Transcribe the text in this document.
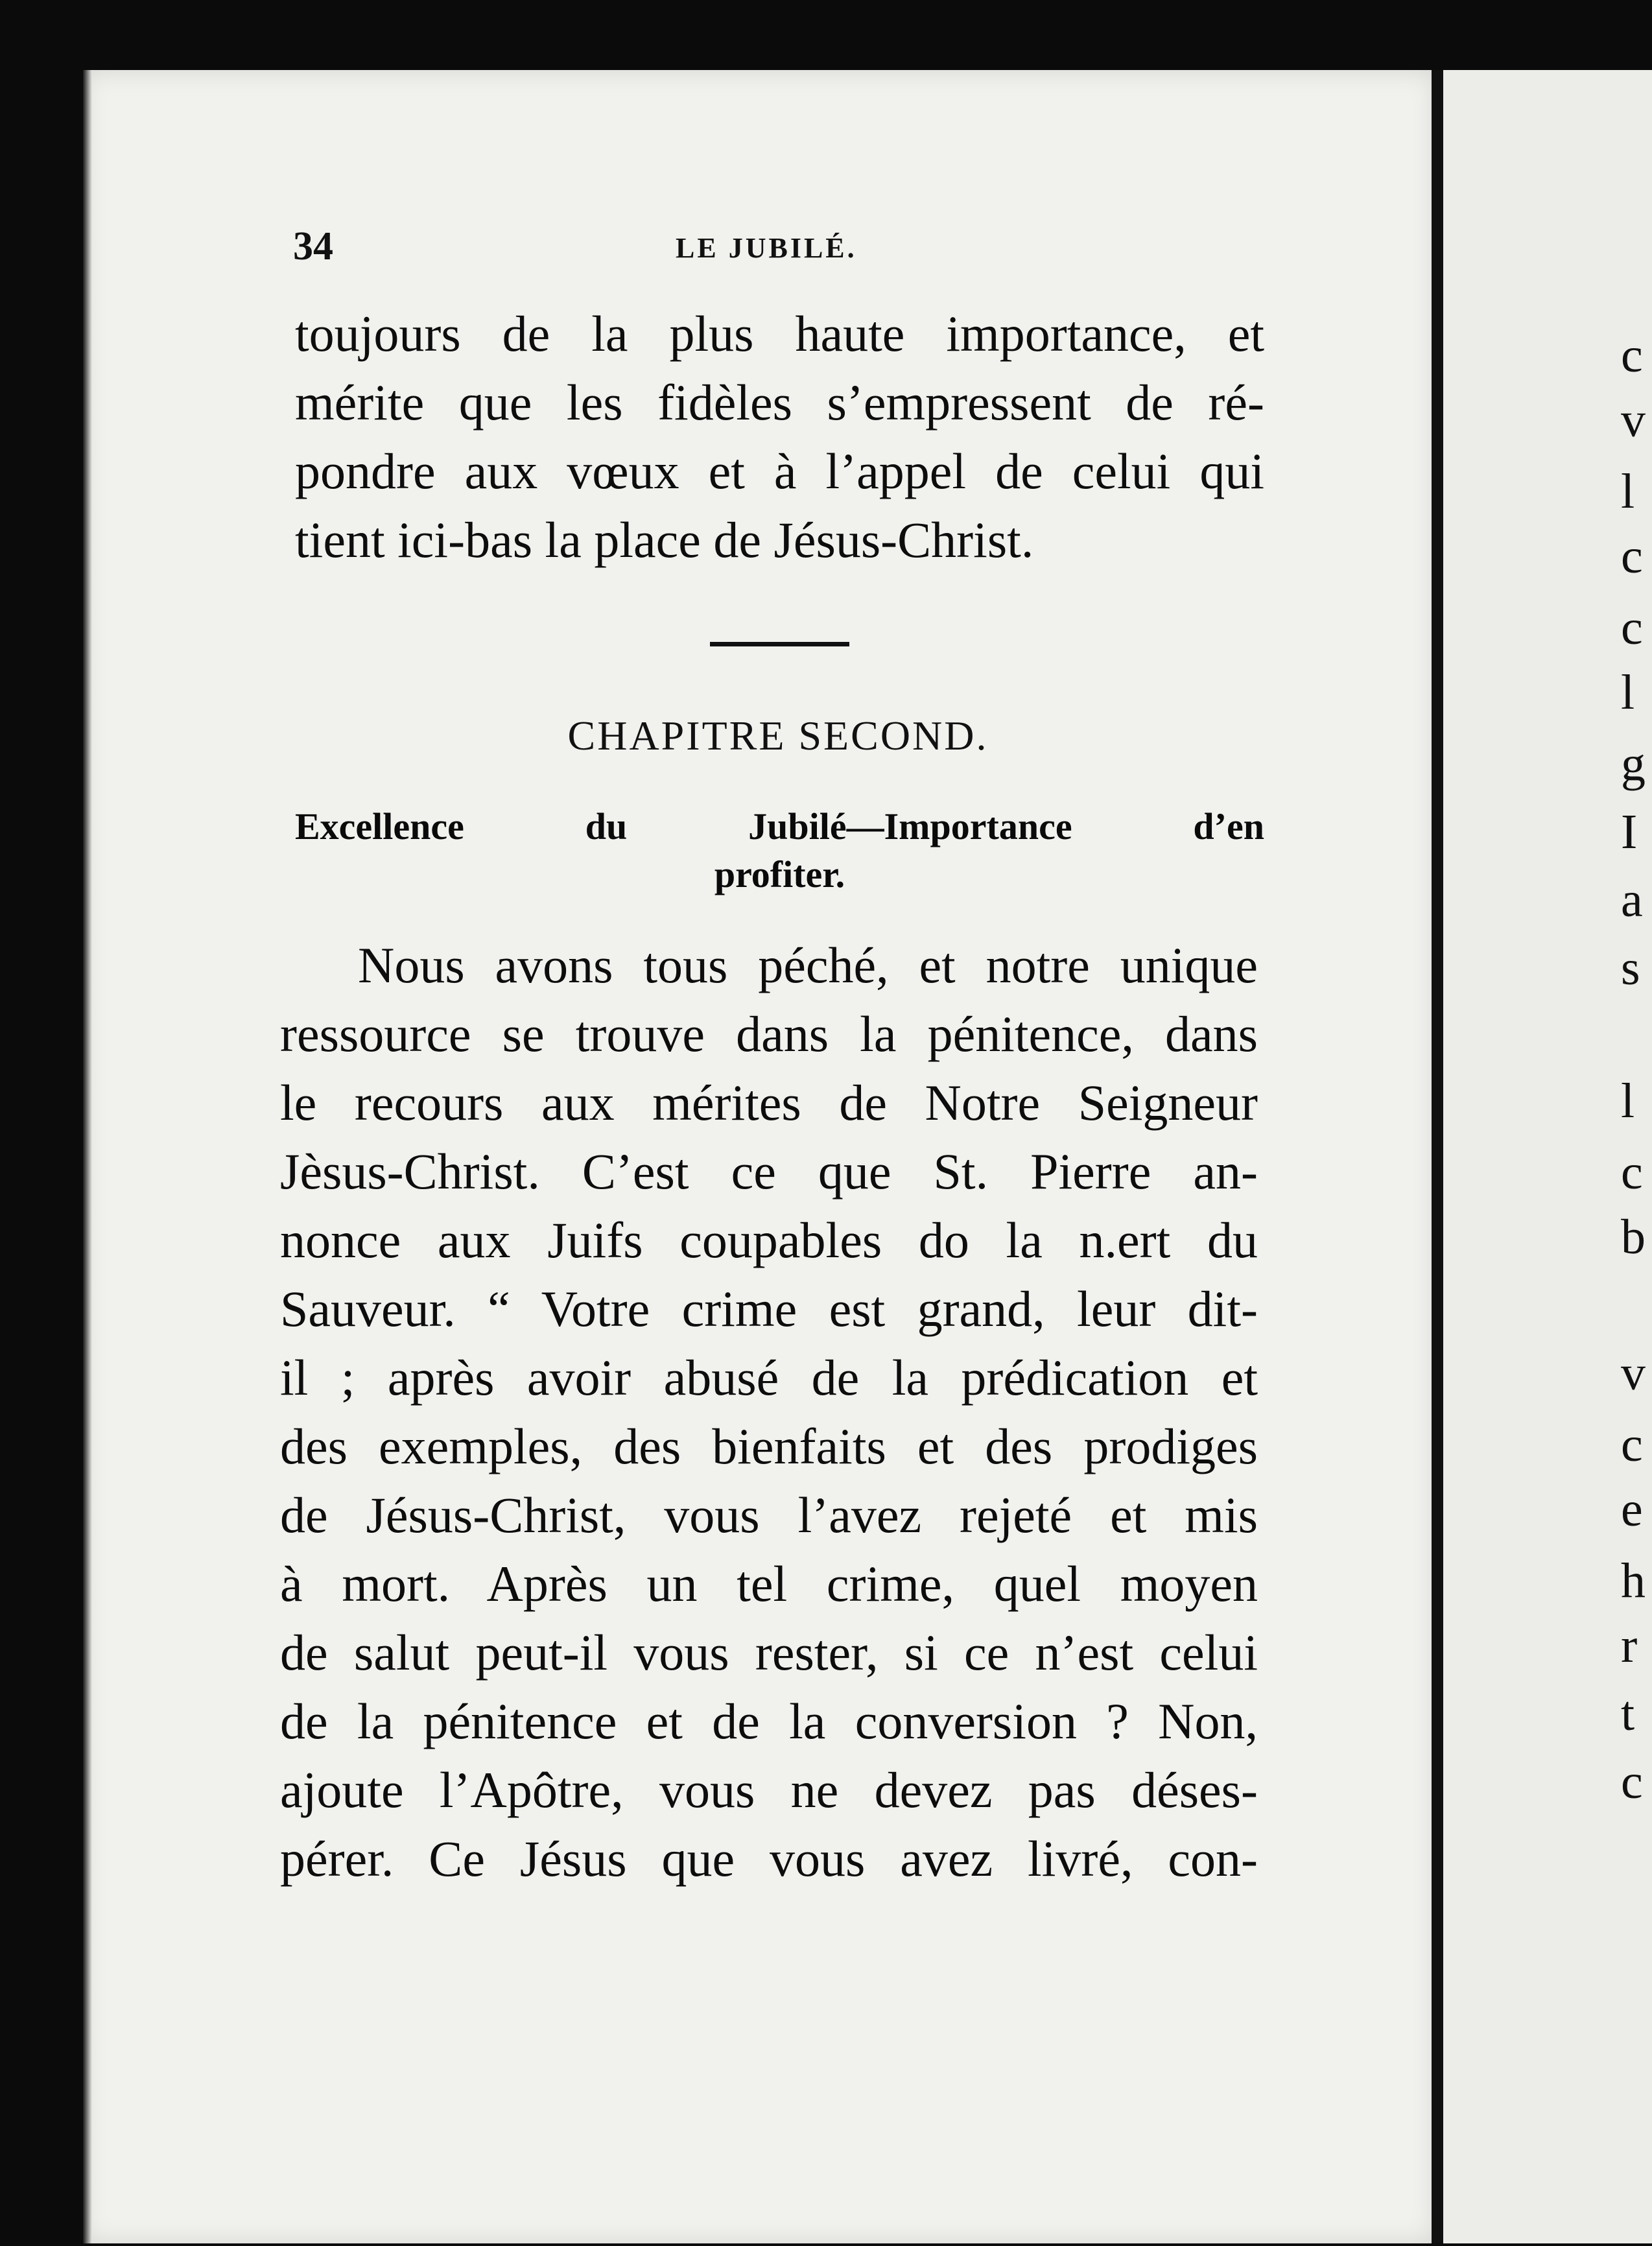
c
v
l
c
c
l
g
I
a
s
l
c
b
v
c
e
h
r
t
c
34	LE JUBILÉ.
toujours de la plus haute importance, et
mérite que les fidèles s’empressent de ré-
pondre aux vœux et à l’appel de celui qui
tient ici-bas la place de Jésus-Christ.
CHAPITRE SECOND.
Excellence du Jubilé—Importance d’en
profiter.
Nous avons tous péché, et notre unique
ressource se trouve dans la pénitence, dans
le recours aux mérites de Notre Seigneur
Jèsus-Christ. C’est ce que St. Pierre an-
nonce aux Juifs coupables do la n.ert du
Sauveur. “ Votre crime est grand, leur dit-
il ; après avoir abusé de la prédication et
des exemples, des bienfaits et des prodiges
de Jésus-Christ, vous l’avez rejeté et mis
à mort. Après un tel crime, quel moyen
de salut peut-il vous rester, si ce n’est celui
de la pénitence et de la conversion ? Non,
ajoute l’Apôtre, vous ne devez pas déses-
pérer. Ce Jésus que vous avez livré, con-
